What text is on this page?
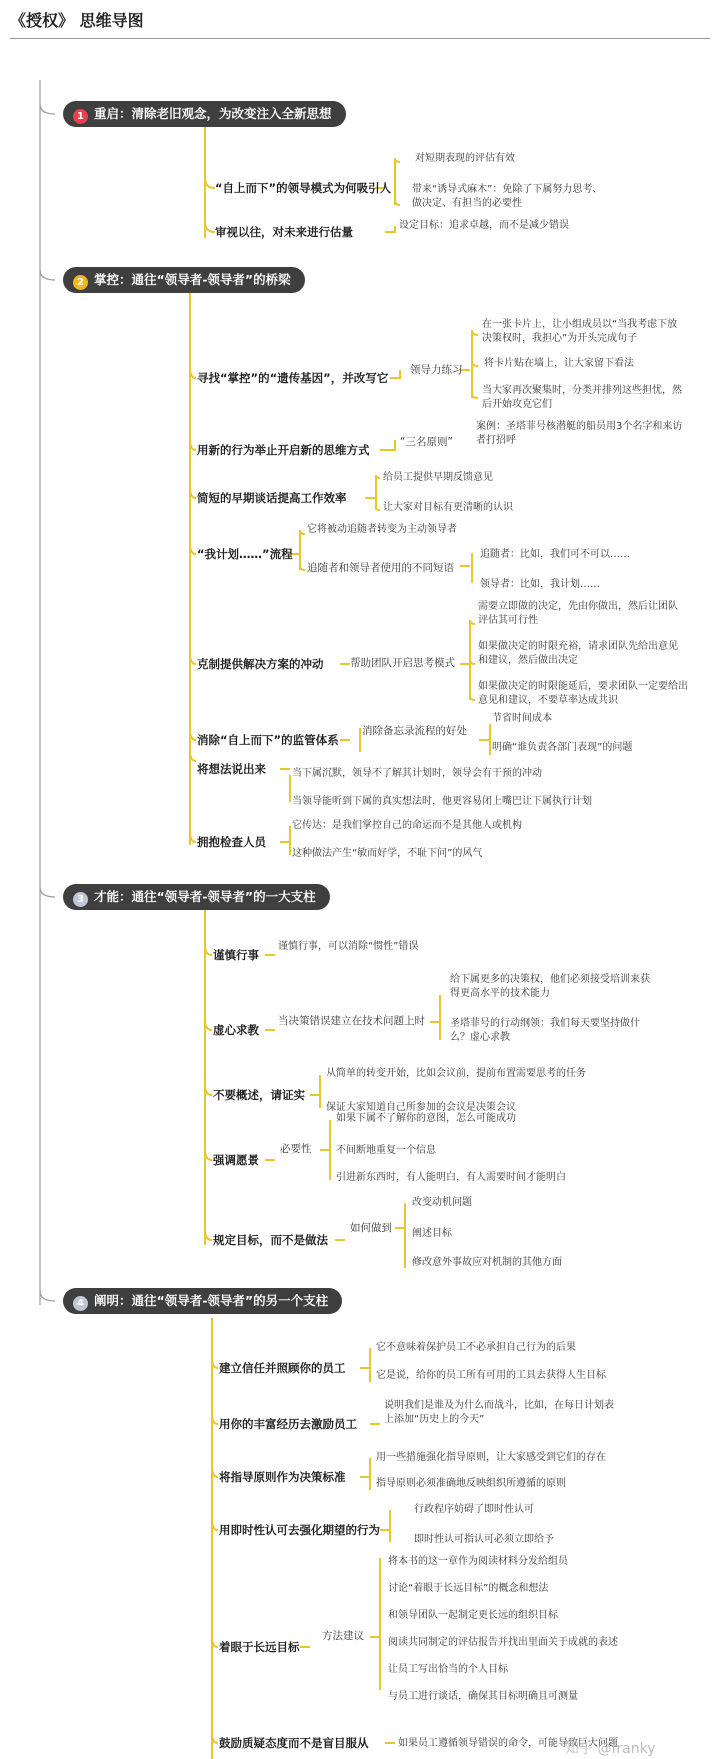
《授权》 思维导图
1 重启：清除老旧观念，为改变注入全新思想
“自上而下”的领导模式为何吸引人
对短期表现的评估有效
带来“诱导式麻木”：免除了下属努力思考、做决定、有担当的必要性
审视以往，对未来进行估量	设定目标：追求卓越，而不是减少错误
2 掌控：通往“领导者-领导者”的桥梁
寻找“掌控”的“遗传基因”，并改写它
领导力练习
在一张卡片上，让小组成员以“当我考虑下放决策权时，我担心”为开头完成句子
将卡片贴在墙上，让大家留下看法
当大家再次聚集时，分类并排列这些担忧，然后开始攻克它们
用新的行为举止开启新的思维方式
“三名原则”
案例：圣塔菲号核潜艇的船员用3个名字和来访者打招呼
简短的早期谈话提高工作效率
给员工提供早期反馈意见
让大家对目标有更清晰的认识
“我计划……”流程
它将被动追随者转变为主动领导者
追随者和领导者使用的不同短语
追随者：比如，我们可不可以……
领导者：比如，我计划……
克制提供解决方案的冲动	帮助团队开启思考模式
需要立即做的决定，先由你做出，然后让团队评估其可行性
如果做决定的时限充裕，请求团队先给出意见和建议，然后做出决定
如果做决定的时限能延后，要求团队一定要给出意见和建议，不要草率达成共识
消除“自上而下”的监管体系
消除备忘录流程的好处
节省时间成本
明确“谁负责各部门表现”的问题
将想法说出来	当下属沉默，领导不了解其计划时，领导会有干预的冲动
当领导能听到下属的真实想法时，他更容易闭上嘴巴让下属执行计划
拥抱检查人员
它传达：是我们掌控自己的命运而不是其他人或机构
这种做法产生“敏而好学，不耻下问”的风气
3 才能：通往“领导者-领导者”的一大支柱
谨慎行事
谨慎行事，可以消除“惯性”错误
虚心求教
当决策错误建立在技术问题上时
给下属更多的决策权，他们必须接受培训来获得更高水平的技术能力
圣塔菲号的行动纲领：我们每天要坚持做什么？虚心求教
不要概述，请证实
从简单的转变开始，比如会议前，提前布置需要思考的任务
保证大家知道自己所参加的会议是决策会议
强调愿景
必要性
如果下属不了解你的意图，怎么可能成功
不间断地重复一个信息
引进新东西时，有人能明白，有人需要时间才能明白
规定目标，而不是做法
如何做到
改变动机问题
阐述目标
修改意外事故应对机制的其他方面
4 阐明：通往“领导者-领导者”的另一个支柱
建立信任并照顾你的员工
它不意味着保护员工不必承担自己行为的后果
它是说，给你的员工所有可用的工具去获得人生目标
用你的丰富经历去激励员工
说明我们是谁及为什么而战斗，比如，在每日计划表上添加“历史上的今天”
将指导原则作为决策标准
用一些措施强化指导原则，让大家感受到它们的存在
指导原则必须准确地反映组织所遵循的原则
用即时性认可去强化期望的行为
行政程序妨碍了即时性认可
即时性认可指认可必须立即给予
着眼于长远目标
方法建议
将本书的这一章作为阅读材料分发给组员
讨论“着眼于长远目标”的概念和想法
和领导团队一起制定更长远的组织目标
阅读共同制定的评估报告并找出里面关于成就的表述
让员工写出恰当的个人目标
与员工进行谈话，确保其目标明确且可测量
鼓励质疑态度而不是盲目服从	如果员工遵循领导错误的命令，可能导致巨大问题
知乎 @franky
